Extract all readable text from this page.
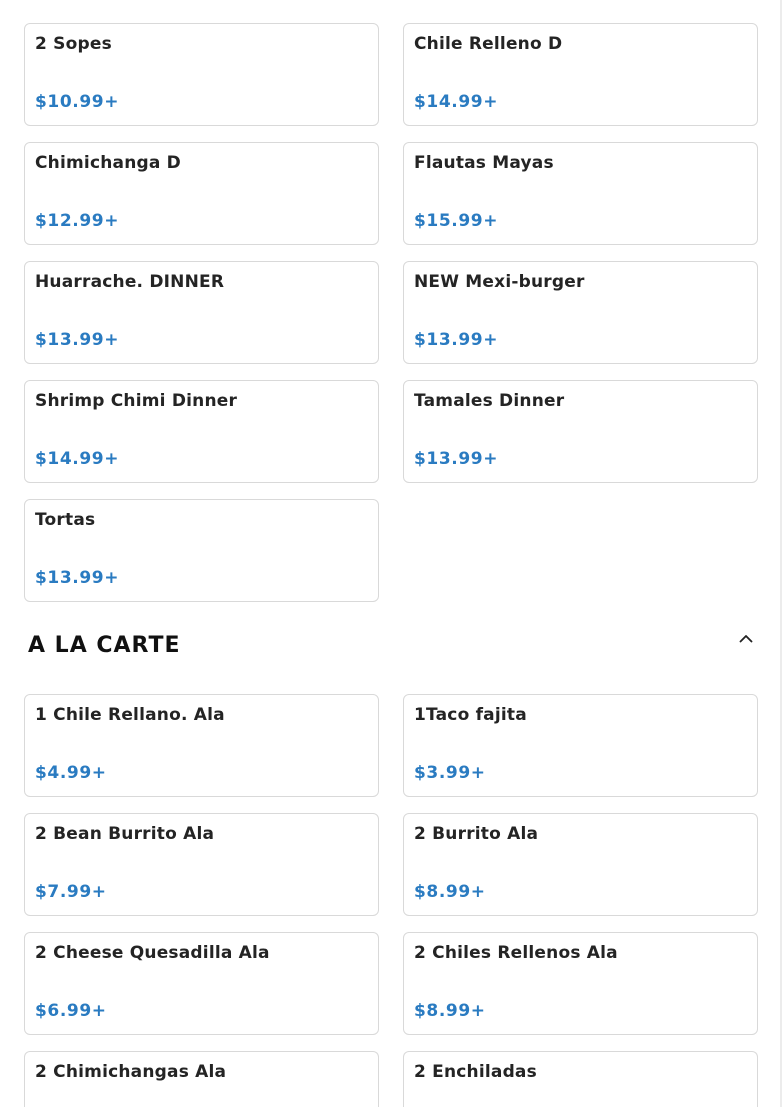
2 Sopes
$10.99+
Chile Relleno D
$14.99+
Chimichanga D
$12.99+
Flautas Mayas
$15.99+
Huarrache. DINNER
$13.99+
NEW Mexi-burger
$13.99+
Shrimp Chimi Dinner
$14.99+
Tamales Dinner
$13.99+
Tortas
$13.99+
A LA CARTE
1 Chile Rellano. Ala
$4.99+
1Taco fajita
$3.99+
2 Bean Burrito Ala
$7.99+
2 Burrito Ala
$8.99+
2 Cheese Quesadilla Ala
$6.99+
2 Chiles Rellenos Ala
$8.99+
2 Chimichangas Ala	2 Enchiladas
